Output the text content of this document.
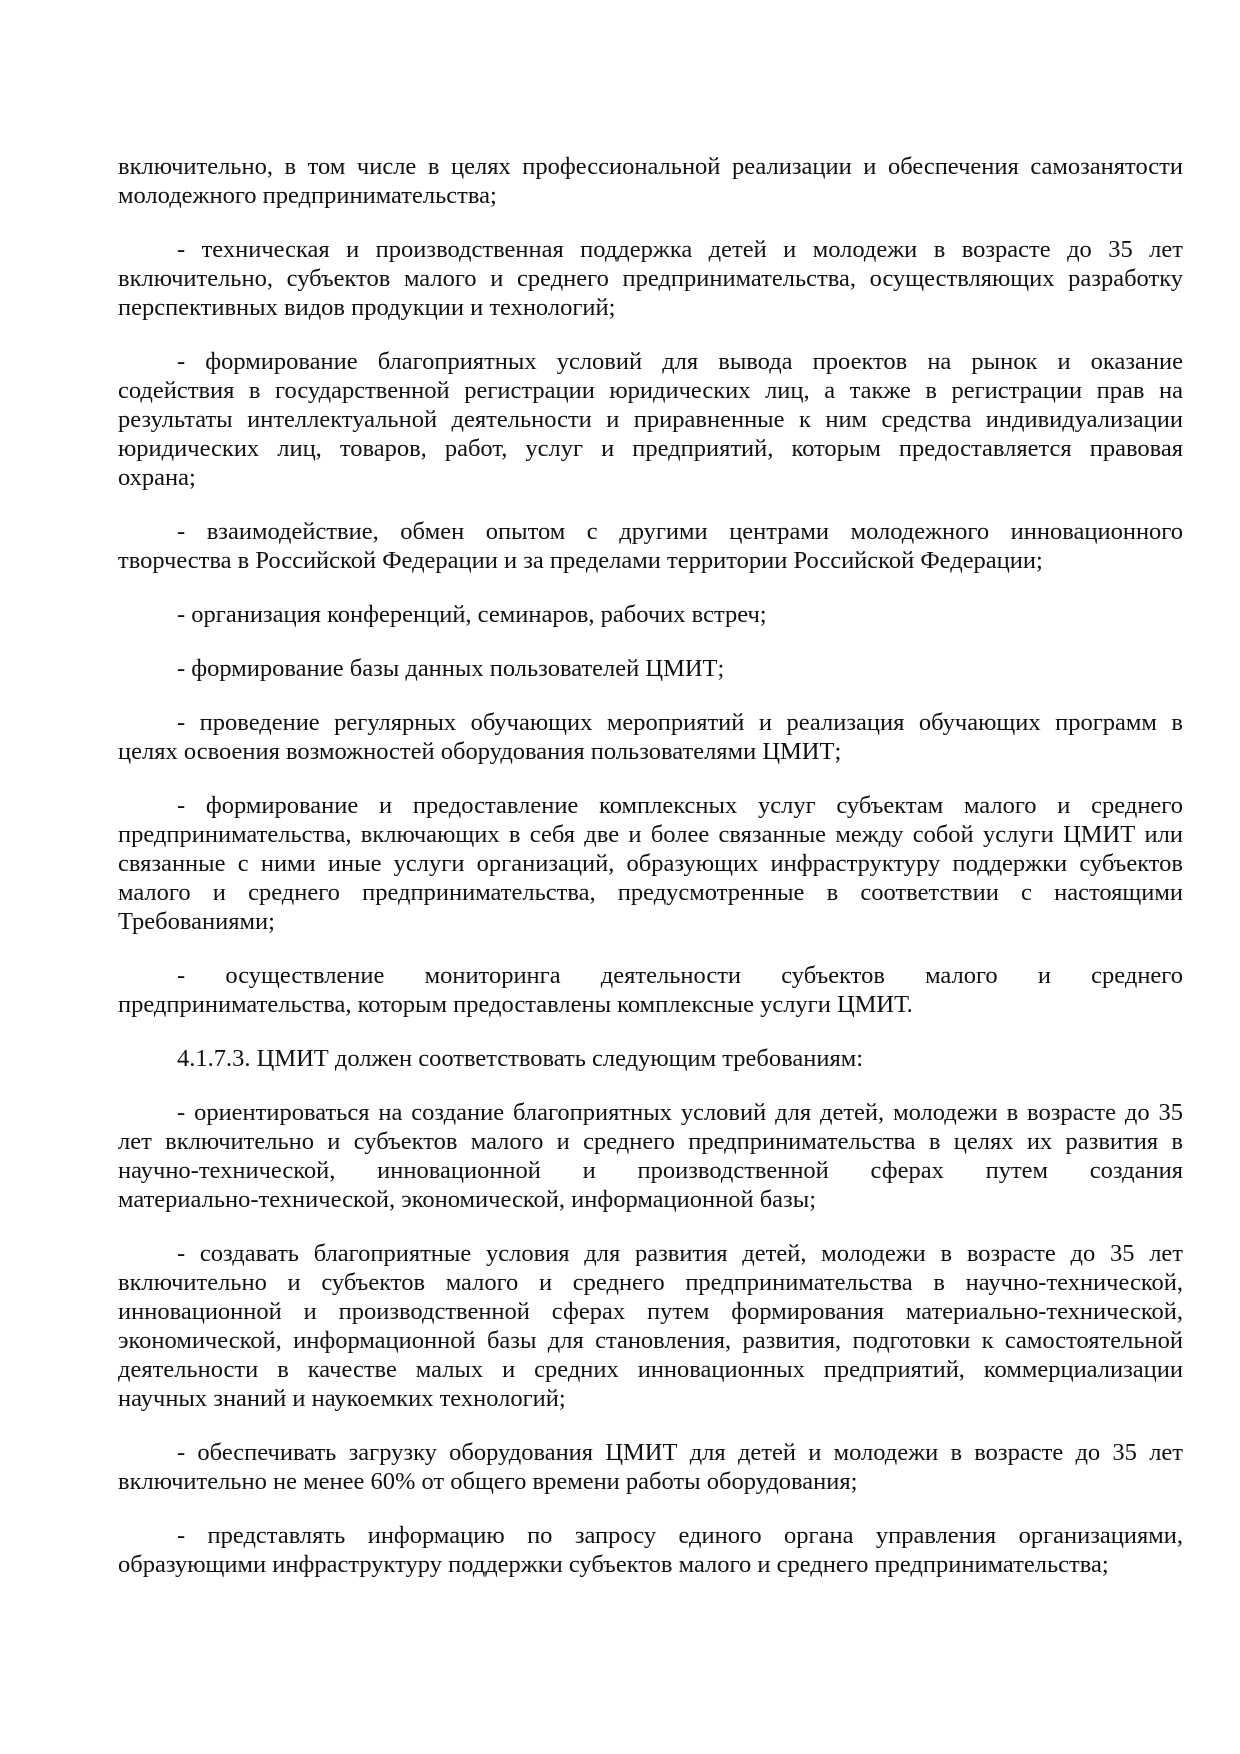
включительно, в том числе в целях профессиональной реализации и обеспечения самозанятости
молодежного предпринимательства;
- техническая и производственная поддержка детей и молодежи в возрасте до 35 лет
включительно, субъектов малого и среднего предпринимательства, осуществляющих разработку
перспективных видов продукции и технологий;
- формирование благоприятных условий для вывода проектов на рынок и оказание
содействия в государственной регистрации юридических лиц, а также в регистрации прав на
результаты интеллектуальной деятельности и приравненные к ним средства индивидуализации
юридических лиц, товаров, работ, услуг и предприятий, которым предоставляется правовая
охрана;
- взаимодействие, обмен опытом с другими центрами молодежного инновационного
творчества в Российской Федерации и за пределами территории Российской Федерации;
- организация конференций, семинаров, рабочих встреч;
- формирование базы данных пользователей ЦМИТ;
- проведение регулярных обучающих мероприятий и реализация обучающих программ в
целях освоения возможностей оборудования пользователями ЦМИТ;
- формирование и предоставление комплексных услуг субъектам малого и среднего
предпринимательства, включающих в себя две и более связанные между собой услуги ЦМИТ или
связанные с ними иные услуги организаций, образующих инфраструктуру поддержки субъектов
малого и среднего предпринимательства, предусмотренные в соответствии с настоящими
Требованиями;
- осуществление мониторинга деятельности субъектов малого и среднего
предпринимательства, которым предоставлены комплексные услуги ЦМИТ.
4.1.7.3. ЦМИТ должен соответствовать следующим требованиям:
- ориентироваться на создание благоприятных условий для детей, молодежи в возрасте до 35
лет включительно и субъектов малого и среднего предпринимательства в целях их развития в
научно-технической, инновационной и производственной сферах путем создания
материально-технической, экономической, информационной базы;
- создавать благоприятные условия для развития детей, молодежи в возрасте до 35 лет
включительно и субъектов малого и среднего предпринимательства в научно-технической,
инновационной и производственной сферах путем формирования материально-технической,
экономической, информационной базы для становления, развития, подготовки к самостоятельной
деятельности в качестве малых и средних инновационных предприятий, коммерциализации
научных знаний и наукоемких технологий;
- обеспечивать загрузку оборудования ЦМИТ для детей и молодежи в возрасте до 35 лет
включительно не менее 60% от общего времени работы оборудования;
- представлять информацию по запросу единого органа управления организациями,
образующими инфраструктуру поддержки субъектов малого и среднего предпринимательства;
